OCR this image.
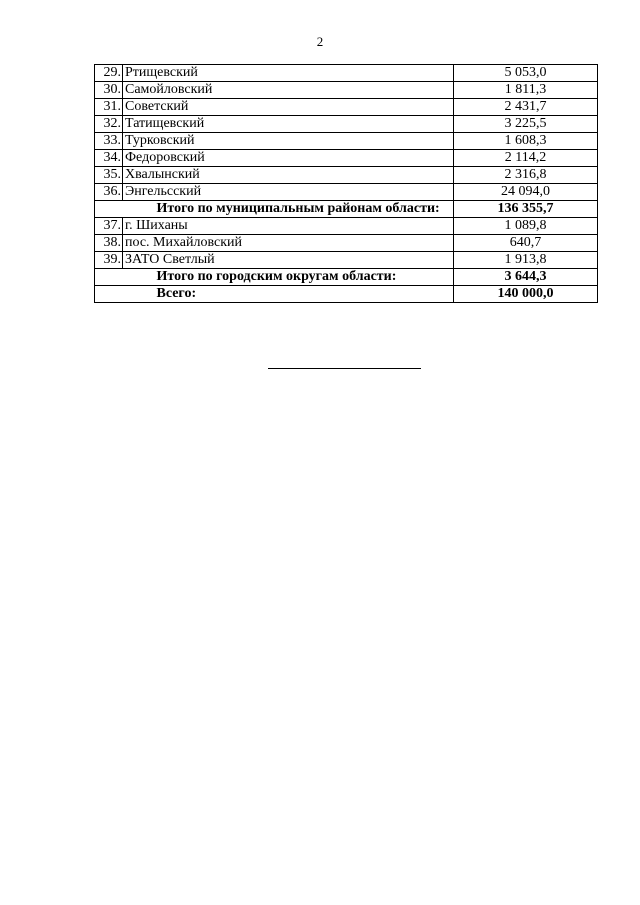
2
29.	Ртищевский	5 053,0
30.	Самойловский	1 811,3
31.	Советский	2 431,7
32.	Татищевский	3 225,5
33.	Турковский	1 608,3
34.	Федоровский	2 114,2
35.	Хвалынский	2 316,8
36.	Энгельсский	24 094,0
	Итого по муниципальным районам области:	136 355,7
37.	г. Шиханы	1 089,8
38.	пос. Михайловский	640,7
39.	ЗАТО Светлый	1 913,8
	Итого по городским округам области:	3 644,3
	Всего:	140 000,0
